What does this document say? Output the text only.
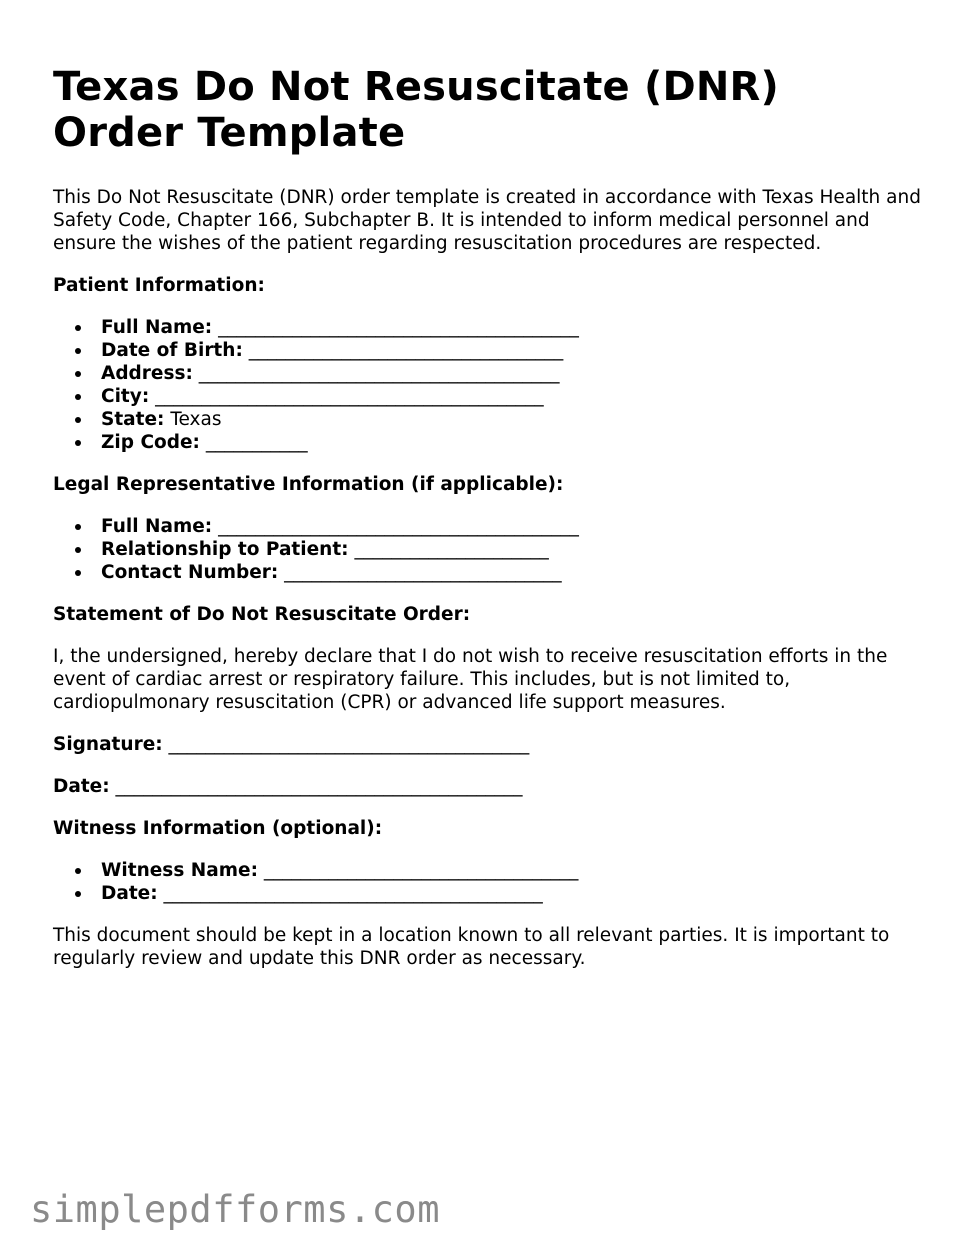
Texas Do Not Resuscitate (DNR) Order Template

This Do Not Resuscitate (DNR) order template is created in accordance with Texas Health and Safety Code, Chapter 166, Subchapter B. It is intended to inform medical personnel and ensure the wishes of the patient regarding resuscitation procedures are respected.

Patient Information:
Full Name: _______________________________________
Date of Birth: __________________________________
Address: _______________________________________
City: __________________________________________
State: Texas
Zip Code: ___________
Legal Representative Information (if applicable):
Full Name: _______________________________________
Relationship to Patient: _____________________
Contact Number: ______________________________
Statement of Do Not Resuscitate Order:

I, the undersigned, hereby declare that I do not wish to receive resuscitation efforts in the event of cardiac arrest or respiratory failure. This includes, but is not limited to, cardiopulmonary resuscitation (CPR) or advanced life support measures.

Signature: _______________________________________
Date: ____________________________________________
Witness Information (optional):
Witness Name: __________________________________
Date: _________________________________________

This document should be kept in a location known to all relevant parties. It is important to regularly review and update this DNR order as necessary.

simplepdfforms.com
